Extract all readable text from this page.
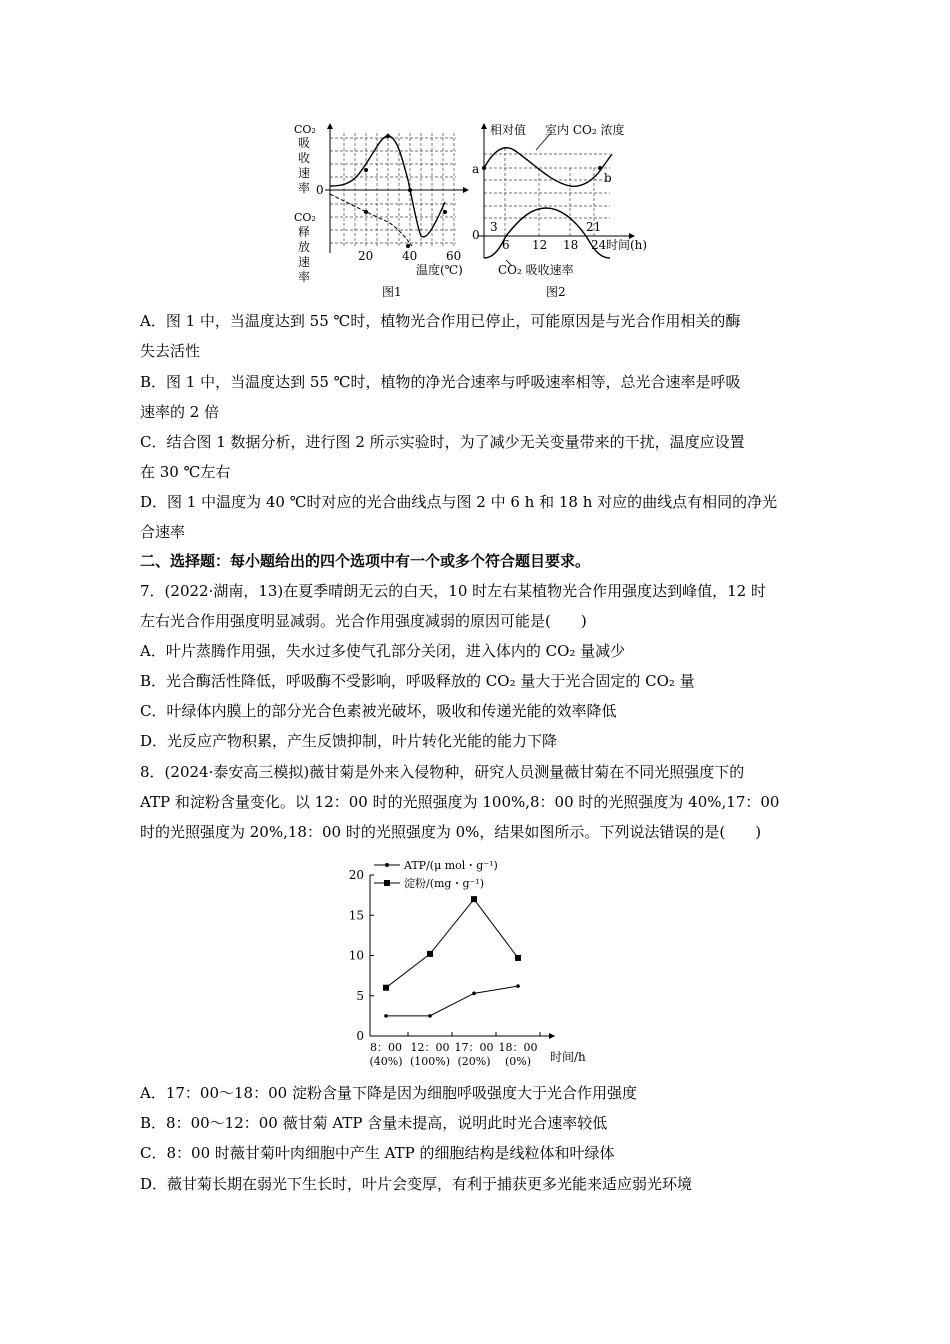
CO₂
吸
收
速
率 0
CO₂
释
放
速
率
20 40 60
温度(℃)
图1
相对值 室内 CO₂ 浓度
a
b
0
3	21
6 12 18 24 时间(h)
CO₂ 吸收速率
图2
A．图 1 中，当温度达到 55 ℃时，植物光合作用已停止，可能原因是与光合作用相关的酶
失去活性
B．图 1 中，当温度达到 55 ℃时，植物的净光合速率与呼吸速率相等，总光合速率是呼吸
速率的 2 倍
C．结合图 1 数据分析，进行图 2 所示实验时，为了减少无关变量带来的干扰，温度应设置
在 30 ℃左右
D．图 1 中温度为 40 ℃时对应的光合曲线点与图 2 中 6 h 和 18 h 对应的曲线点有相同的净光
合速率
二、选择题：每小题给出的四个选项中有一个或多个符合题目要求。
7．(2022·湖南，13)在夏季晴朗无云的白天，10 时左右某植物光合作用强度达到峰值，12 时
左右光合作用强度明显减弱。光合作用强度减弱的原因可能是(　　)
A．叶片蒸腾作用强，失水过多使气孔部分关闭，进入体内的 CO₂ 量减少
B．光合酶活性降低，呼吸酶不受影响，呼吸释放的 CO₂ 量大于光合固定的 CO₂ 量
C．叶绿体内膜上的部分光合色素被光破坏，吸收和传递光能的效率降低
D．光反应产物积累，产生反馈抑制，叶片转化光能的能力下降
8．(2024·泰安高三模拟)薇甘菊是外来入侵物种，研究人员测量薇甘菊在不同光照强度下的
ATP 和淀粉含量变化。以 12：00 时的光照强度为 100%,8：00 时的光照强度为 40%,17：00
时的光照强度为 20%,18：00 时的光照强度为 0%，结果如图所示。下列说法错误的是(　　)
ATP/(μ mol・g⁻¹)
淀粉/(mg・g⁻¹)
0
5
10
15
20
8：00
(40%)
12：00
(100%)
17：00
(20%)
18：00
(0%) 时间/h
A．17：00～18：00 淀粉含量下降是因为细胞呼吸强度大于光合作用强度
B．8：00～12：00 薇甘菊 ATP 含量未提高，说明此时光合速率较低
C．8：00 时薇甘菊叶肉细胞中产生 ATP 的细胞结构是线粒体和叶绿体
D．薇甘菊长期在弱光下生长时，叶片会变厚，有利于捕获更多光能来适应弱光环境
